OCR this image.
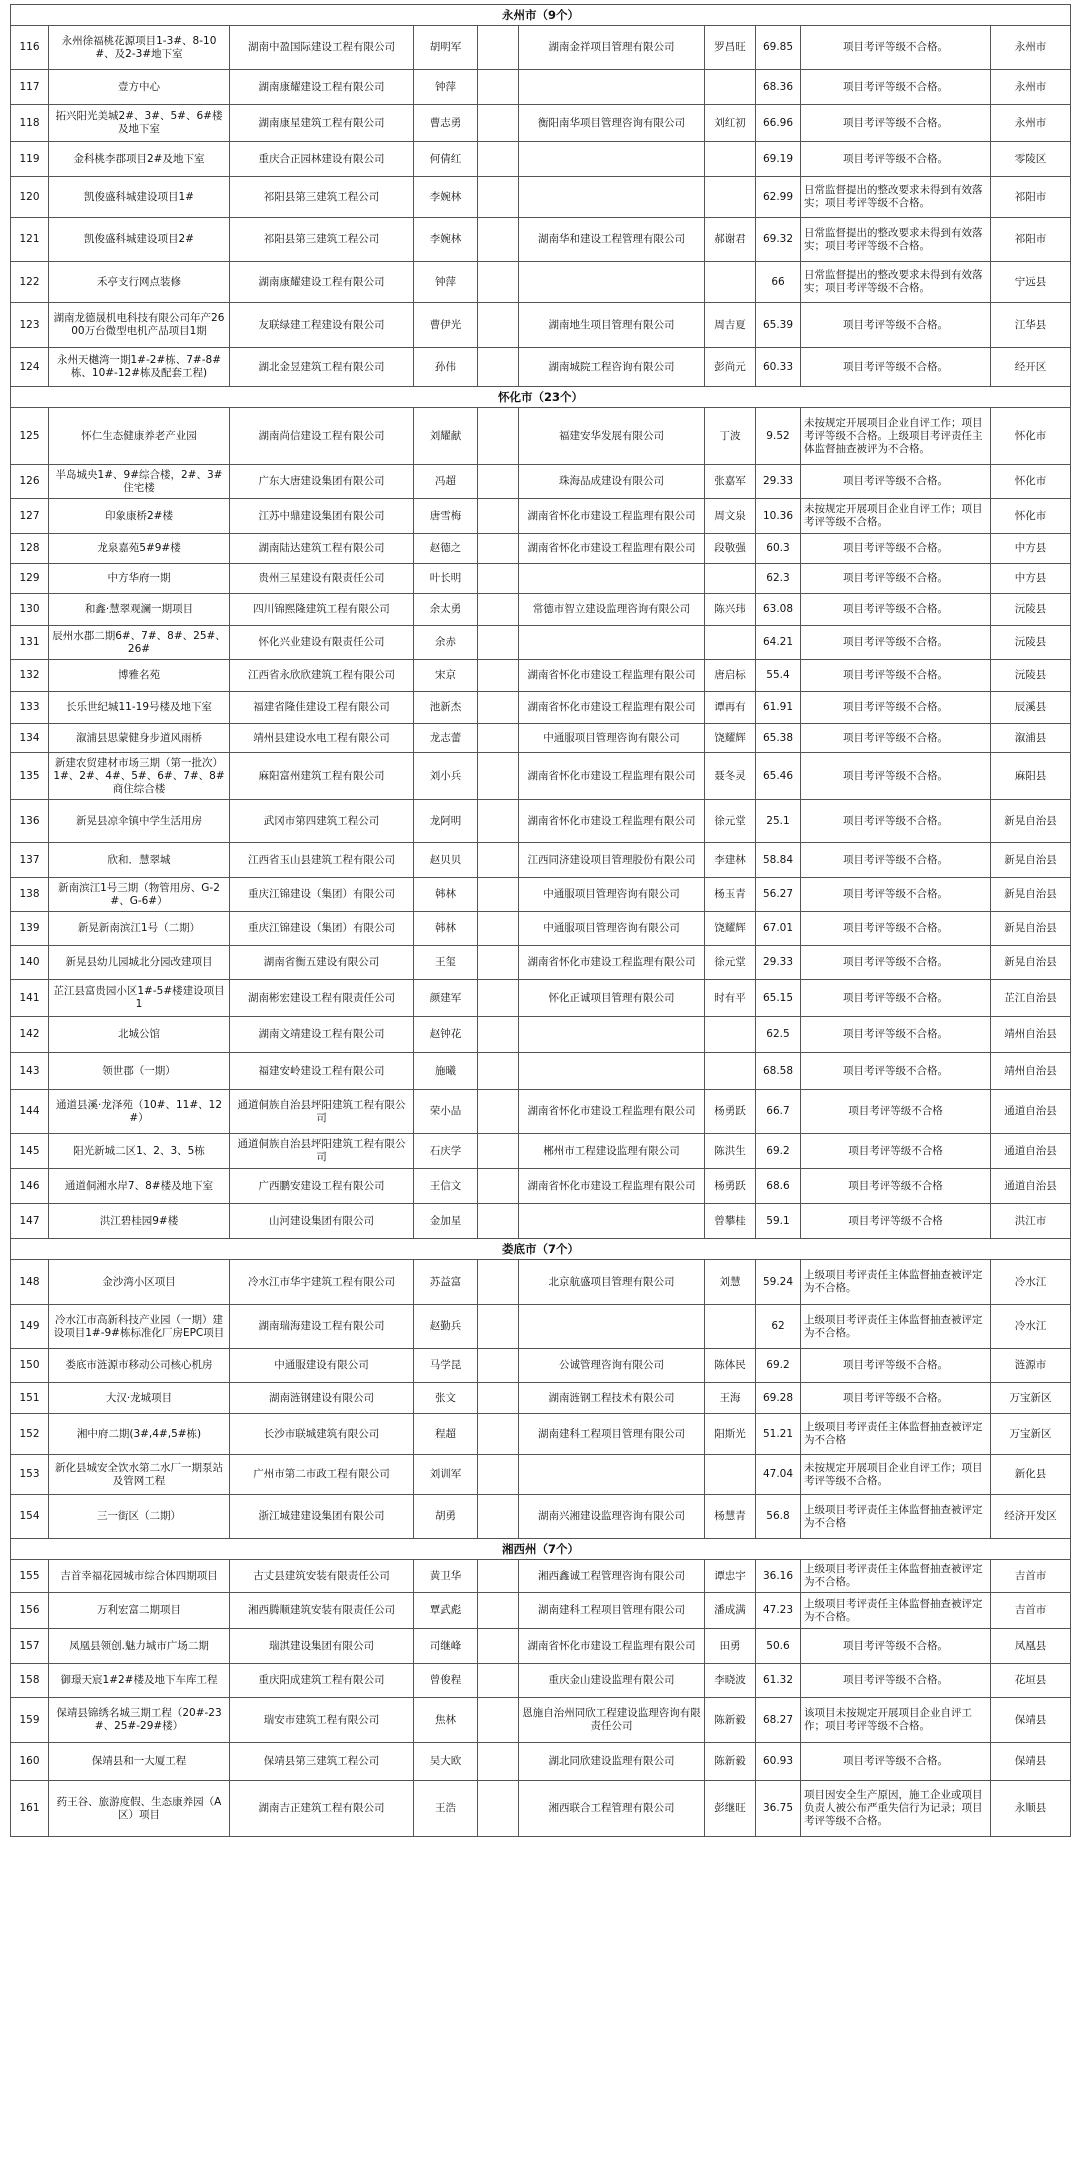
永州市（9个）									
116	永州徐福桃花源项目1-3#、8-10#、及2-3#地下室	湖南中盈国际建设工程有限公司	胡明军		湖南金祥项目管理有限公司	罗昌旺	69.85	项目考评等级不合格。	永州市
117	壹方中心	湖南康耀建设工程有限公司	钟萍				68.36	项目考评等级不合格。	永州市
118	拓兴阳光美城2#、3#、5#、6#楼及地下室	湖南康星建筑工程有限公司	曹志勇		衡阳南华项目管理咨询有限公司	刘红初	66.96	项目考评等级不合格。	永州市
119	金科桃李郡项目2#及地下室	重庆合正园林建设有限公司	何倩红				69.19	项目考评等级不合格。	零陵区
120	凯俊盛科城建设项目1#	祁阳县第三建筑工程公司	李婉林				62.99	日常监督提出的整改要求未得到有效落实；项目考评等级不合格。	祁阳市
121	凯俊盛科城建设项目2#	祁阳县第三建筑工程公司	李婉林		湖南华和建设工程管理有限公司	郝谢君	69.32	日常监督提出的整改要求未得到有效落实；项目考评等级不合格。	祁阳市
122	禾亭支行网点装修	湖南康耀建设工程有限公司	钟萍				66	日常监督提出的整改要求未得到有效落实；项目考评等级不合格。	宁远县
123	湖南龙德晟机电科技有限公司年产2600万台微型电机产品项目1期	友联绿建工程建设有限公司	曹伊光		湖南地生项目管理有限公司	周吉夏	65.39	项目考评等级不合格。	江华县
124	永州天樾湾一期1#-2#栋、7#-8#栋、10#-12#栋及配套工程)	湖北金昱建筑工程有限公司	孙伟		湖南城院工程咨询有限公司	彭尚元	60.33	项目考评等级不合格。	经开区
怀化市（23个）									
125	怀仁生态健康养老产业园	湖南尚信建设工程有限公司	刘耀献		福建安华发展有限公司	丁波	9.52	未按规定开展项目企业自评工作；项目考评等级不合格。上级项目考评责任主体监督抽查被评为不合格。	怀化市
126	半岛城央1#、9#综合楼，2#、3#住宅楼	广东大唐建设集团有限公司	冯超		珠海品成建设有限公司	张嘉军	29.33	项目考评等级不合格。	怀化市
127	印象康桥2#楼	江苏中鼎建设集团有限公司	唐雪梅		湖南省怀化市建设工程监理有限公司	周文泉	10.36	未按规定开展项目企业自评工作；项目考评等级不合格。	怀化市
128	龙泉嘉苑5#9#楼	湖南陆达建筑工程有限公司	赵德之		湖南省怀化市建设工程监理有限公司	段敬强	60.3	项目考评等级不合格。	中方县
129	中方华府一期	贵州三星建设有限责任公司	叶长明				62.3	项目考评等级不合格。	中方县
130	和鑫·慧翠观澜一期项目	四川锦熙隆建筑工程有限公司	余太勇		常德市智立建设监理咨询有限公司	陈兴玮	63.08	项目考评等级不合格。	沅陵县
131	辰州水郡二期6#、7#、8#、25#、26#	怀化兴业建设有限责任公司	余赤				64.21	项目考评等级不合格。	沅陵县
132	博雅名苑	江西省永欣欣建筑工程有限公司	宋京		湖南省怀化市建设工程监理有限公司	唐启标	55.4	项目考评等级不合格。	沅陵县
133	长乐世纪城11-19号楼及地下室	福建省隆佳建设工程有限公司	池新杰		湖南省怀化市建设工程监理有限公司	谭再有	61.91	项目考评等级不合格。	辰溪县
134	溆浦县思蒙健身步道风雨桥	靖州县建设水电工程有限公司	龙志蕾		中通服项目管理咨询有限公司	饶耀辉	65.38	项目考评等级不合格。	溆浦县
135	新建农贸建材市场三期（第一批次）1#、2#、4#、5#、6#、7#、8#商住综合楼	麻阳富州建筑工程有限公司	刘小兵		湖南省怀化市建设工程监理有限公司	聂冬灵	65.46	项目考评等级不合格。	麻阳县
136	新晃县凉伞镇中学生活用房	武冈市第四建筑工程公司	龙阿明		湖南省怀化市建设工程监理有限公司	徐元堂	25.1	项目考评等级不合格。	新晃自治县
137	欣和．慧翠城	江西省玉山县建筑工程有限公司	赵贝贝		江西同济建设项目管理股份有限公司	李建林	58.84	项目考评等级不合格。	新晃自治县
138	新南滨江1号三期（物管用房、G-2#、G-6#）	重庆江锦建设（集团）有限公司	韩林		中通服项目管理咨询有限公司	杨玉青	56.27	项目考评等级不合格。	新晃自治县
139	新晃新南滨江1号（二期）	重庆江锦建设（集团）有限公司	韩林		中通服项目管理咨询有限公司	饶耀辉	67.01	项目考评等级不合格。	新晃自治县
140	新晃县幼儿园城北分园改建项目	湖南省衡五建设有限公司	王玺		湖南省怀化市建设工程监理有限公司	徐元堂	29.33	项目考评等级不合格。	新晃自治县
141	芷江县富贵园小区1#-5#楼建设项目1	湖南彬宏建设工程有限责任公司	颜建军		怀化正诚项目管理有限公司	时有平	65.15	项目考评等级不合格。	芷江自治县
142	北城公馆	湖南文靖建设工程有限公司	赵钟花				62.5	项目考评等级不合格。	靖州自治县
143	领世郡（一期）	福建安岭建设工程有限公司	施曦				68.58	项目考评等级不合格。	靖州自治县
144	通道县溪·龙泽苑（10#、11#、12#）	通道侗族自治县坪阳建筑工程有限公司	荣小品		湖南省怀化市建设工程监理有限公司	杨勇跃	66.7	项目考评等级不合格	通道自治县
145	阳光新城二区1、2、3、5栋	通道侗族自治县坪阳建筑工程有限公司	石庆学		郴州市工程建设监理有限公司	陈洪生	69.2	项目考评等级不合格	通道自治县
146	通道侗湘水岸7、8#楼及地下室	广西鹏安建设工程有限公司	王信文		湖南省怀化市建设工程监理有限公司	杨勇跃	68.6	项目考评等级不合格	通道自治县
147	洪江碧桂园9#楼	山河建设集团有限公司	金加星			曾攀桂	59.1	项目考评等级不合格	洪江市
娄底市（7个）									
148	金沙湾小区项目	冷水江市华宇建筑工程有限公司	苏益富		北京航盛项目管理有限公司	刘慧	59.24	上级项目考评责任主体监督抽查被评定为不合格。	冷水江
149	冷水江市高新科技产业园（一期）建设项目1#-9#栋标准化厂房EPC项目	湖南瑞海建设工程有限公司	赵勤兵				62	上级项目考评责任主体监督抽查被评定为不合格。	冷水江
150	娄底市涟源市移动公司核心机房	中通服建设有限公司	马学昆		公诚管理咨询有限公司	陈体民	69.2	项目考评等级不合格。	涟源市
151	大汉·龙城项目	湖南涟钢建设有限公司	张文		湖南涟钢工程技术有限公司	王海	69.28	项目考评等级不合格。	万宝新区
152	湘中府二期(3#,4#,5#栋)	长沙市联城建筑有限公司	程超		湖南建科工程项目管理有限公司	阳斯光	51.21	上级项目考评责任主体监督抽查被评定为不合格	万宝新区
153	新化县城安全饮水第二水厂一期泵站及管网工程	广州市第二市政工程有限公司	刘训军				47.04	未按规定开展项目企业自评工作；项目考评等级不合格。	新化县
154	三一街区（二期）	浙江城建建设集团有限公司	胡勇		湖南兴湘建设监理咨询有限公司	杨慧青	56.8	上级项目考评责任主体监督抽查被评定为不合格	经济开发区
湘西州（7个）									
155	吉首幸福花园城市综合体四期项目	古丈县建筑安装有限责任公司	黄卫华		湘西鑫诚工程管理咨询有限公司	谭忠宇	36.16	上级项目考评责任主体监督抽查被评定为不合格。	吉首市
156	万利宏富二期项目	湘西腾顺建筑安装有限责任公司	覃武彪		湖南建科工程项目管理有限公司	潘成满	47.23	上级项目考评责任主体监督抽查被评定为不合格。	吉首市
157	凤凰县领创.魅力城市广场二期	瑞淇建设集团有限公司	司继峰		湖南省怀化市建设工程监理有限公司	田勇	50.6	项目考评等级不合格。	凤凰县
158	御璟天宸1#2#楼及地下车库工程	重庆阳成建筑工程有限公司	曾俊程		重庆金山建设监理有限公司	李晓波	61.32	项目考评等级不合格。	花垣县
159	保靖县锦绣名城三期工程（20#-23#、25#-29#楼）	瑞安市建筑工程有限公司	焦林		恩施自治州同欣工程建设监理咨询有限责任公司	陈新毅	68.27	该项目未按规定开展项目企业自评工作；项目考评等级不合格。	保靖县
160	保靖县和一大厦工程	保靖县第三建筑工程公司	吴大欧		湖北同欣建设监理有限公司	陈新毅	60.93	项目考评等级不合格。	保靖县
161	药王谷、旅游度假、生态康养园（A区）项目	湖南吉正建筑工程有限公司	王浩		湘西联合工程管理有限公司	彭继旺	36.75	项目因安全生产原因，施工企业或项目负责人被公布严重失信行为记录；项目考评等级不合格。	永顺县
